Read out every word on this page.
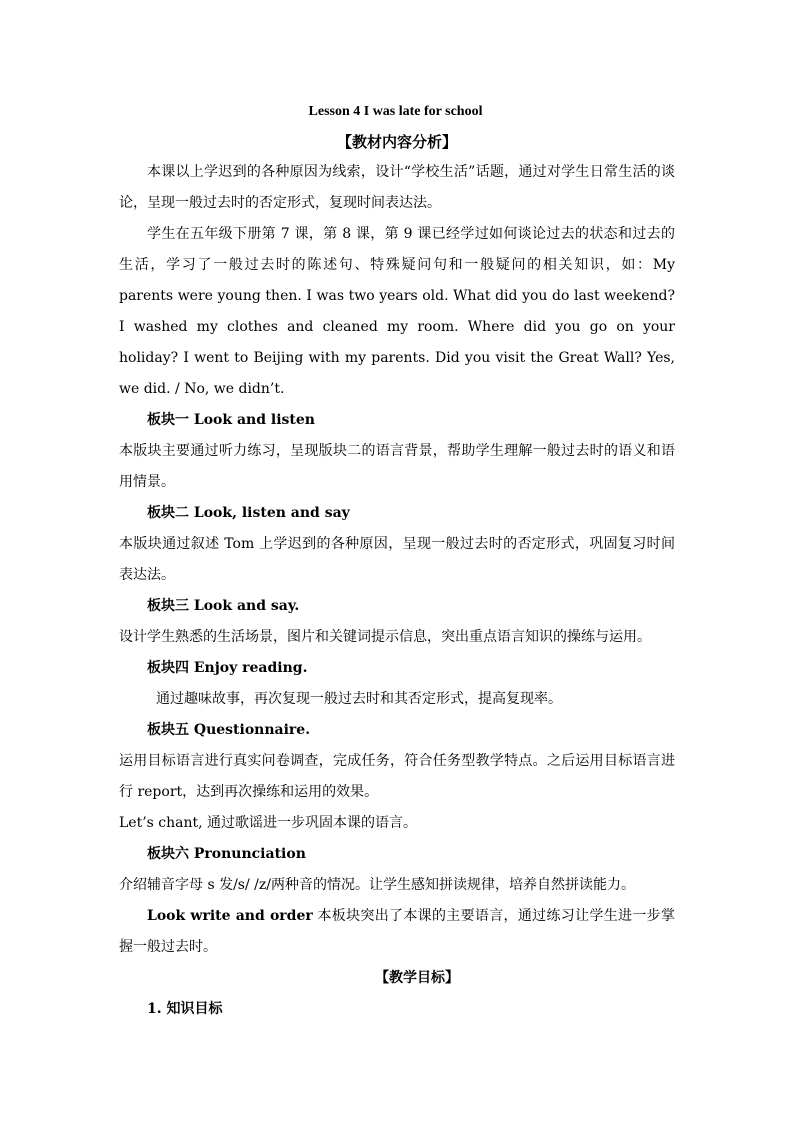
Lesson 4 I was late for school
【教材内容分析】

本课以上学迟到的各种原因为线索，设计“学校生活”话题，通过对学生日常生活的谈论，呈现一般过去时的否定形式，复现时间表达法。

学生在五年级下册第 7 课，第 8 课，第 9 课已经学过如何谈论过去的状态和过去的生活，学习了一般过去时的陈述句、特殊疑问句和一般疑问的相关知识，如：My parents were young then. I was two years old. What did you do last weekend? I washed my clothes and cleaned my room. Where did you go on your holiday? I went to Beijing with my parents. Did you visit the Great Wall? Yes, we did. / No, we didn’t.

板块一 Look and listen

本版块主要通过听力练习，呈现版块二的语言背景，帮助学生理解一般过去时的语义和语用情景。

板块二 Look, listen and say

本版块通过叙述 Tom 上学迟到的各种原因，呈现一般过去时的否定形式，巩固复习时间表达法。

板块三 Look and say.

设计学生熟悉的生活场景，图片和关键词提示信息，突出重点语言知识的操练与运用。

板块四 Enjoy reading.

通过趣味故事，再次复现一般过去时和其否定形式，提高复现率。

板块五 Questionnaire.

运用目标语言进行真实问卷调查，完成任务，符合任务型教学特点。之后运用目标语言进行 report，达到再次操练和运用的效果。

Let’s chant, 通过歌谣进一步巩固本课的语言。

板块六 Pronunciation

介绍辅音字母 s 发/s/ /z/两种音的情况。让学生感知拼读规律，培养自然拼读能力。

Look write and order 本板块突出了本课的主要语言，通过练习让学生进一步掌握一般过去时。

【教学目标】
1. 知识目标
